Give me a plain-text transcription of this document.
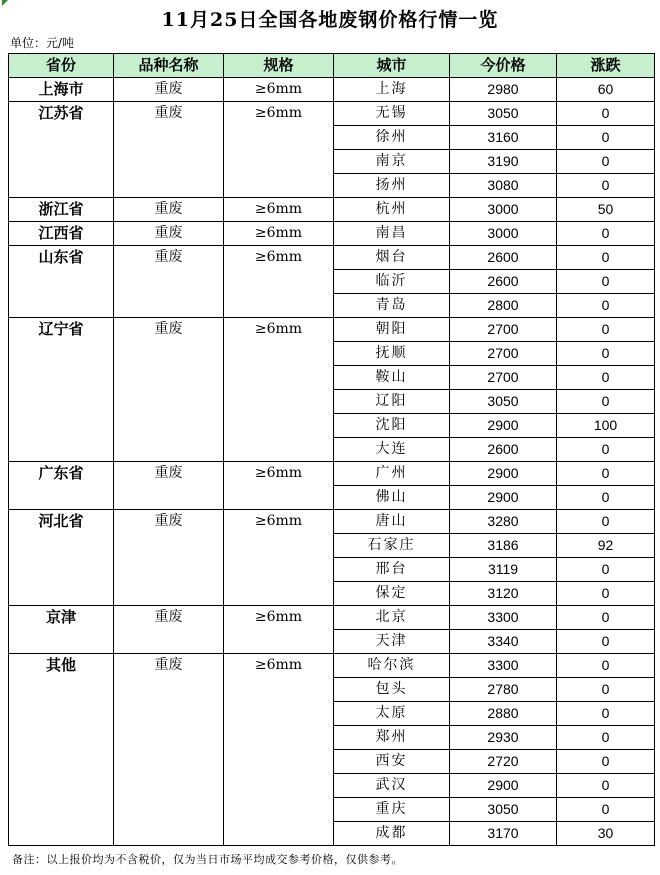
11月25日全国各地废钢价格行情一览
单位：元/吨
省份	品种名称	规格	城市	今价格	涨跌
上海市	重废	≥6mm	上海	2980	60
江苏省	重废	≥6mm	无锡	3050	0
			徐州	3160	0
			南京	3190	0
			扬州	3080	0
浙江省	重废	≥6mm	杭州	3000	50
江西省	重废	≥6mm	南昌	3000	0
山东省	重废	≥6mm	烟台	2600	0
			临沂	2600	0
			青岛	2800	0
辽宁省	重废	≥6mm	朝阳	2700	0
			抚顺	2700	0
			鞍山	2700	0
			辽阳	3050	0
			沈阳	2900	100
			大连	2600	0
广东省	重废	≥6mm	广州	2900	0
			佛山	2900	0
河北省	重废	≥6mm	唐山	3280	0
			石家庄	3186	92
			邢台	3119	0
			保定	3120	0
京津	重废	≥6mm	北京	3300	0
			天津	3340	0
其他	重废	≥6mm	哈尔滨	3300	0
			包头	2780	0
			太原	2880	0
			郑州	2930	0
			西安	2720	0
			武汉	2900	0
			重庆	3050	0
			成都	3170	30
备注：以上报价均为不含税价，仅为当日市场平均成交参考价格，仅供参考。
